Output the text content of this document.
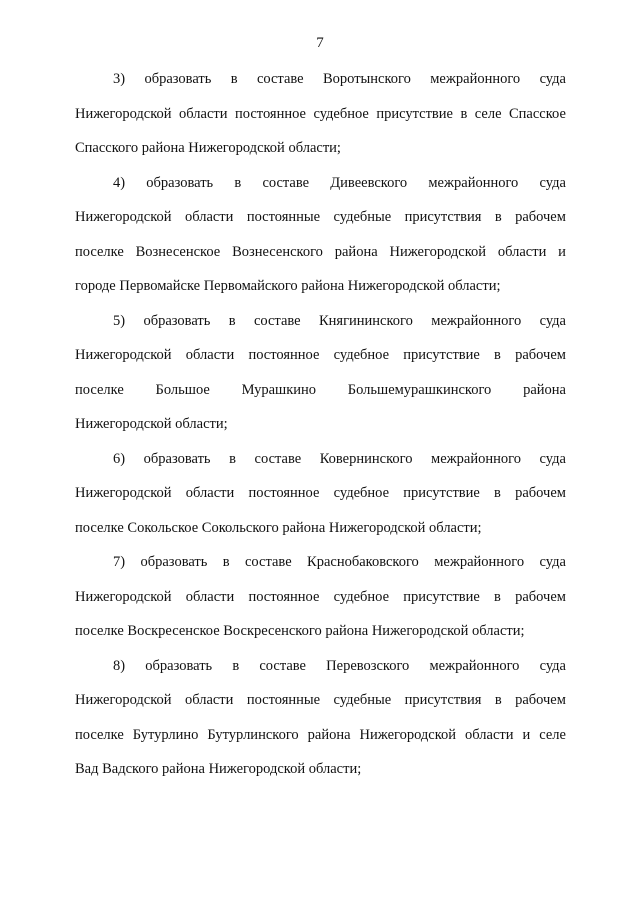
7
3) образовать в составе Воротынского межрайонного суда
Нижегородской области постоянное судебное присутствие в селе Спасское
Спасского района Нижегородской области;
4) образовать в составе Дивеевского межрайонного суда
Нижегородской области постоянные судебные присутствия в рабочем
поселке Вознесенское Вознесенского района Нижегородской области и
городе Первомайске Первомайского района Нижегородской области;
5) образовать в составе Княгининского межрайонного суда
Нижегородской области постоянное судебное присутствие в рабочем
поселке Большое Мурашкино Большемурашкинского района
Нижегородской области;
6) образовать в составе Ковернинского межрайонного суда
Нижегородской области постоянное судебное присутствие в рабочем
поселке Сокольское Сокольского района Нижегородской области;
7) образовать в составе Краснобаковского межрайонного суда
Нижегородской области постоянное судебное присутствие в рабочем
поселке Воскресенское Воскресенского района Нижегородской области;
8) образовать в составе Перевозского межрайонного суда
Нижегородской области постоянные судебные присутствия в рабочем
поселке Бутурлино Бутурлинского района Нижегородской области и селе
Вад Вадского района Нижегородской области;
